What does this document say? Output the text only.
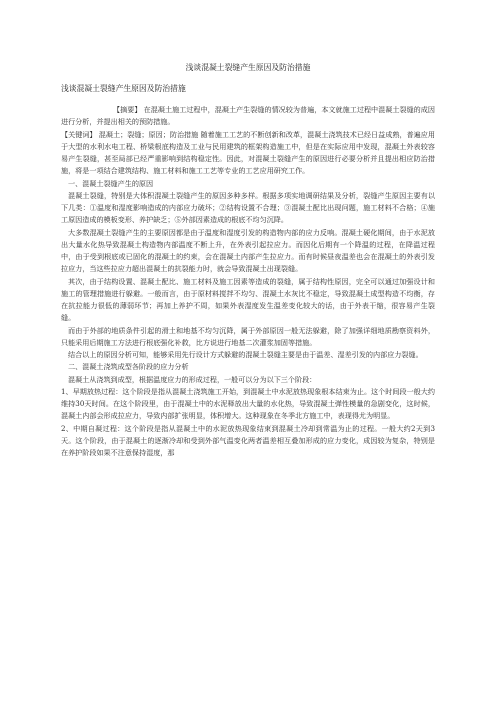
浅谈混凝土裂缝产生原因及防治措施
浅谈混凝土裂缝产生原因及防治措施

【摘要】 在混凝土施工过程中，混凝土产生裂缝的情况较为普遍，本文就施工过程中混凝土裂缝的成因进行分析，并提出相关的预防措施。

【关键词】 混凝土；裂缝；原因；防治措施 随着施工工艺的不断创新和改革，混凝土浇筑技术已经日益成熟，普遍应用于大型的水利水电工程、桥梁根底构造及工业与民用建筑的框架构造施工中，但是在实际应用中发现，混凝土外表较容易产生裂缝，甚至局部已经严重影响到结构稳定性。因此，对混凝土裂缝产生的原因进行必要分析并且提出相应防治措施，将是一项结合建筑结构、施工材料和施工工艺等专业的工艺应用研究工作。

一、混凝土裂缝产生的原因

混凝土裂缝，特别是大体积混凝土裂缝产生的原因多种多样。根据多项实地调研结果及分析，裂缝产生原因主要有以下几类：①温度和湿度影响造成的内部应力破坏；②结构设置不合理；③混凝土配比出现问题，施工材料不合格；④施工原因造成的模板变形、养护缺乏；⑤外部因素造成的根底不均匀沉降。

大多数混凝土裂缝产生的主要原因都是由于温度和湿度引发的构造物内部的应力反响。混凝土硬化期间，由于水泥放出大量水化热导致混凝土构造物内部温度不断上升，在外表引起拉应力。而因化后期有一个降温的过程，在降温过程中，由于受到根底或已固化的混凝土的约束，会在混凝土内部产生拉应力。而有时候昼夜温差也会在混凝土的外表引发拉应力，当这些拉应力超出混凝土的抗裂能力时，就会导致混凝土出现裂缝。

其次，由于结构设置、混凝土配比、施工材料及施工因素等造成的裂缝，属于结构性原因，完全可以通过加强设计和施工的管理措施进行躲避。一般而言，由于原材料搅拌不均匀、混凝土水灰比不稳定，导致混凝土成型构造不均衡，存在抗拉能力很低的薄弱环节；再加上养护不周，如果外表湿度发生温差变化较大的话，由于外表干缩，很容易产生裂缝。

而由于外部的地质条件引起的滑土和地基不均匀沉降，属于外部原因一般无法躲避，除了加强详细地质勘察资料外，只能采用后期施工方法进行根底强化补救，比方说进行地基二次灌浆加固等措施。

结合以上的原因分析可知，能够采用先行设计方式躲避的混凝土裂缝主要是由于温差、湿差引发的内部应力裂缝。

二、混凝土浇筑成型各阶段的应力分析

混凝土从浇筑到成型，根据温度应力的形成过程，一般可以分为以下三个阶段：

1、早期放热过程：这个阶段是指从混凝土浇筑施工开始，到混凝土中水泥放热现象根本结束为止。这个时间段一般大约维持30天时间。在这个阶段里，由于混凝土中的水泥释放出大量的水化热，导致混凝土弹性模量的急剧变化，这时候，混凝土内部会形成拉应力，导致内部扩张明显，体积增大。这种现象在冬季北方施工中，表现得尤为明显。

2、中期自凝过程：这个阶段是指从混凝土中的水泥放热现象结束到混凝土冷却到常温为止的过程。一般大约2天到3天。这个阶段，由于混凝土的逐渐冷却和受到外部气温变化两者温差相互叠加形成的应力变化，成因较为复杂，特别是在养护阶段如果不注意保持湿度，那
